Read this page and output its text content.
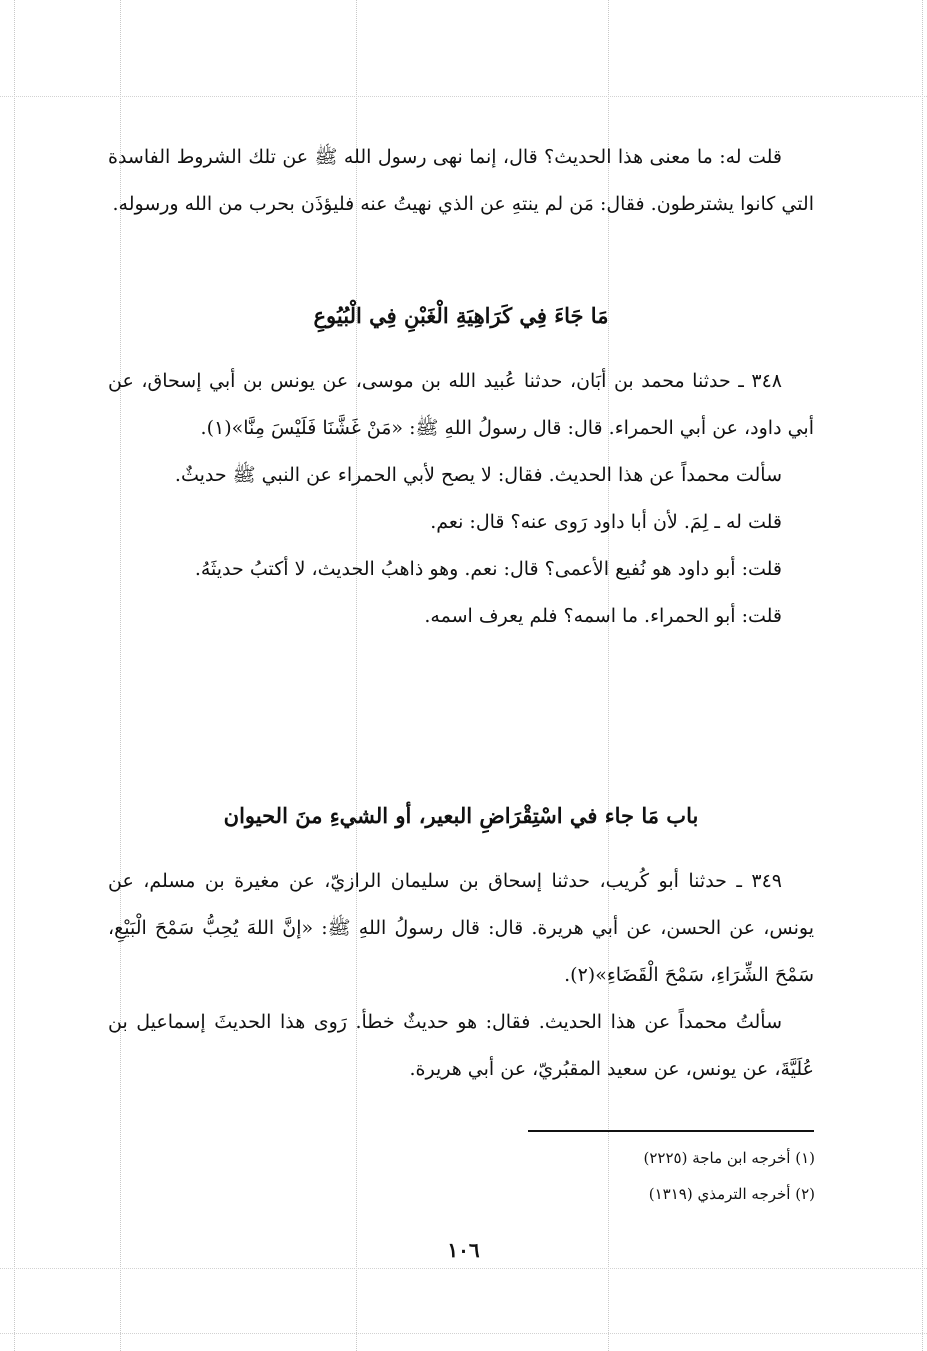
قلت له: ما معنى هذا الحديث؟ قال، إنما نهى رسول الله ﷺ عن تلك الشروط الفاسدة التي كانوا يشترطون. فقال: مَن لم ينتهِ عن الذي نهيتُ عنه فليؤذَن بحرب من الله ورسوله.

مَا جَاءَ فِي كَرَاهِيَةِ الْغَبْنِ فِي الْبُيُوعِ

٣٤٨ ـ حدثنا محمد بن أبَان، حدثنا عُبيد الله بن موسى، عن يونس بن أبي إسحاق، عن أبي داود، عن أبي الحمراء. قال: قال رسولُ اللهِ ﷺ: «مَنْ غَشَّنَا فَلَيْسَ مِنَّا»(١).

سألت محمداً عن هذا الحديث. فقال: لا يصح لأبي الحمراء عن النبي ﷺ حديثٌ.

قلت له ـ لِمَ. لأن أبا داود رَوى عنه؟ قال: نعم.

قلت: أبو داود هو نُفيع الأعمى؟ قال: نعم. وهو ذاهبُ الحديث، لا أكتبُ حديثَهُ.

قلت: أبو الحمراء. ما اسمه؟ فلم يعرف اسمه.

باب مَا جاء في اسْتِقْرَاضِ البعير، أو الشيءِ منَ الحيوان

٣٤٩ ـ حدثنا أبو كُريب، حدثنا إسحاق بن سليمان الرازيّ، عن مغيرة بن مسلم، عن يونس، عن الحسن، عن أبي هريرة. قال: قال رسولُ اللهِ ﷺ: «إنَّ اللهَ يُحِبُّ سَمْحَ الْبَيْعِ، سَمْحَ الشِّرَاءِ، سَمْحَ الْقَضَاءِ»(٢).

سألتُ محمداً عن هذا الحديث. فقال: هو حديثٌ خطأ. رَوى هذا الحديثَ إسماعيل بن عُلَيَّةَ، عن يونس، عن سعيد المقبُريّ، عن أبي هريرة.

(١) أخرجه ابن ماجة (٢٢٢٥)
(٢) أخرجه الترمذي (١٣١٩)
١٠٦
